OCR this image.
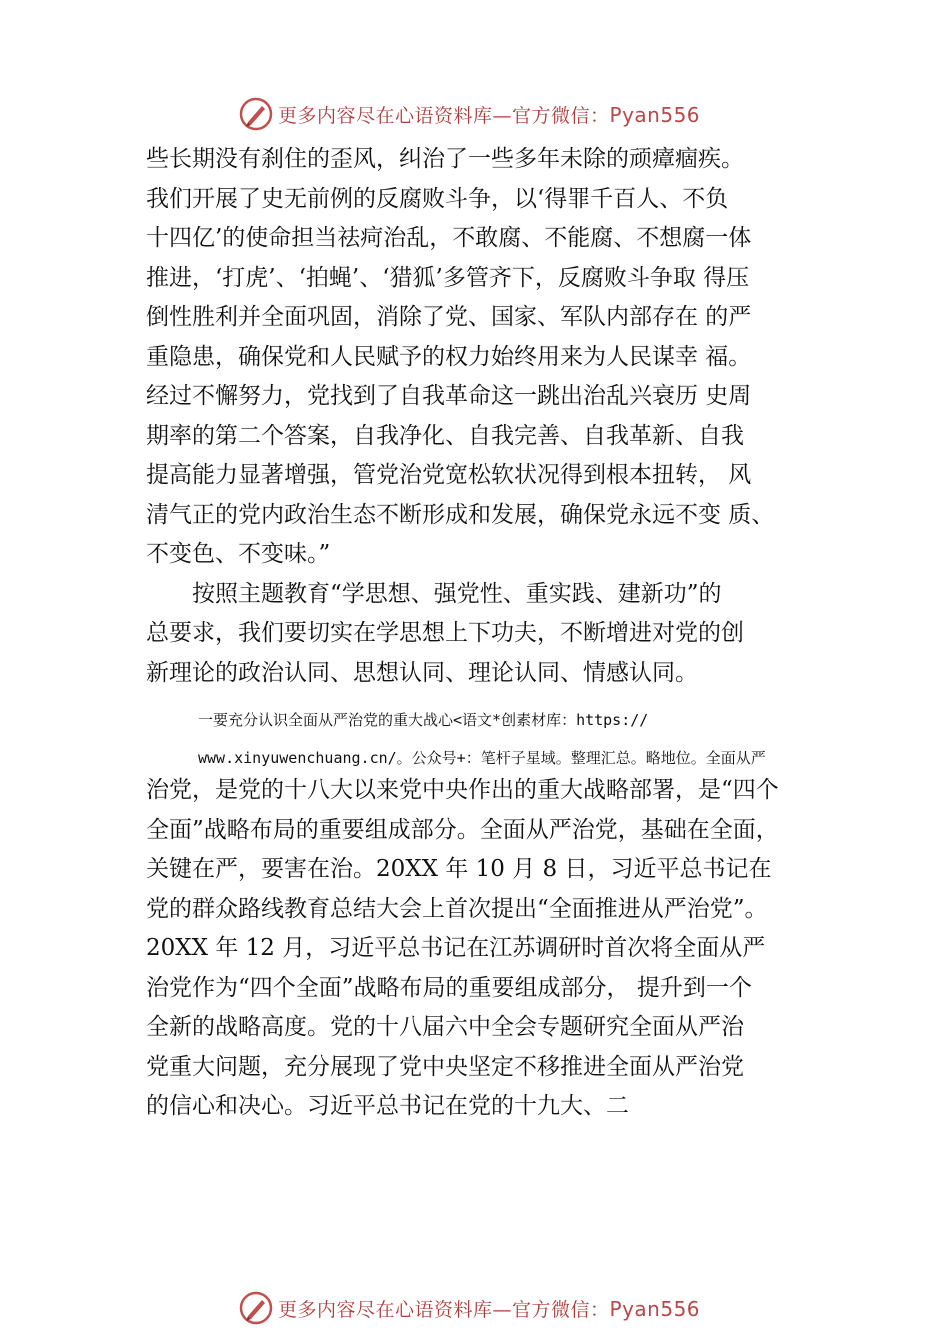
更多内容尽在心语资料库—官方微信：Pyan556
些长期没有刹住的歪风，纠治了一些多年未除的顽瘴痼疾。
我们开展了史无前例的反腐败斗争，以‘得罪千百人、不负
十四亿’的使命担当祛疴治乱，不敢腐、不能腐、不想腐一体
推进，‘打虎’、‘拍蝇’、‘猎狐’多管齐下，反腐败斗争取 得压
倒性胜利并全面巩固，消除了党、国家、军队内部存在 的严
重隐患，确保党和人民赋予的权力始终用来为人民谋幸 福。
经过不懈努力，党找到了自我革命这一跳出治乱兴衰历 史周
期率的第二个答案，自我净化、自我完善、自我革新、自我
提高能力显著增强，管党治党宽松软状况得到根本扭转， 风
清气正的党内政治生态不断形成和发展，确保党永远不变 质、
不变色、不变味。”
按照主题教育“学思想、强党性、重实践、建新功”的
总要求，我们要切实在学思想上下功夫，不断增进对党的创
新理论的政治认同、思想认同、理论认同、情感认同。
一要充分认识全面从严治党的重大战心<语文*创素材库：https://
www.xinyuwenchuang.cn/。公众号+：笔杆子星域。整理汇总。略地位。全面从严
治党，是党的十八大以来党中央作出的重大战略部署，是“四个
全面”战略布局的重要组成部分。全面从严治党，基础在全面，
关键在严，要害在治。20XX 年 10 月 8 日，习近平总书记在
党的群众路线教育总结大会上首次提出“全面推进从严治党”。
20XX 年 12 月，习近平总书记在江苏调研时首次将全面从严
治党作为“四个全面”战略布局的重要组成部分， 提升到一个
全新的战略高度。党的十八届六中全会专题研究全面从严治
党重大问题，充分展现了党中央坚定不移推进全面从严治党
的信心和决心。习近平总书记在党的十九大、二
更多内容尽在心语资料库—官方微信：Pyan556
